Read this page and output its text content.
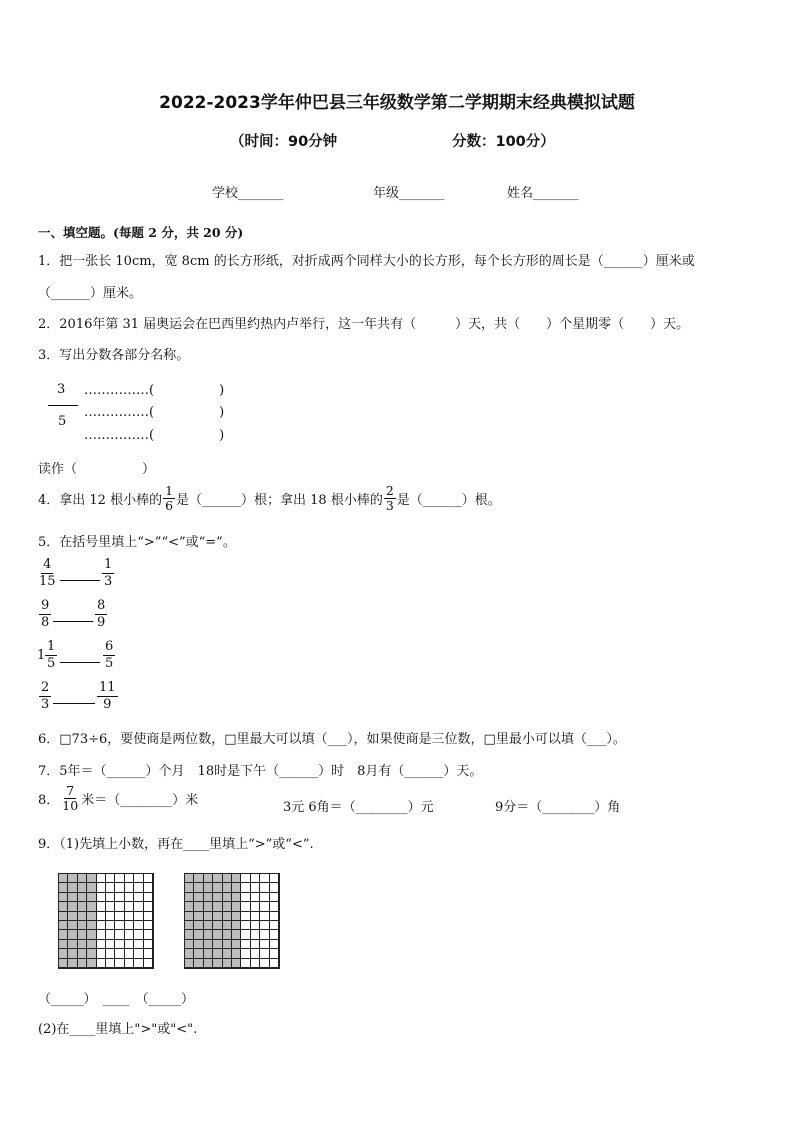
2022-2023学年仲巴县三年级数学第二学期期末经典模拟试题
（时间：90分钟	分数：100分）
学校_______	年级_______	姓名_______
一、填空题。(每题 2 分，共 20 分)
1．把一张长 10cm，宽 8cm 的长方形纸，对折成两个同样大小的长方形，每个长方形的周长是（______）厘米或
（______）厘米。
2．2016年第 31 届奥运会在巴西里约热内卢举行，这一年共有（　　　）天，共（　　）个星期零（　　）天。
3．写出分数各部分名称。
3
5
……………(　　　　　)
……………(　　　　　)
……………(　　　　　)
读作（　　　　　）
4．拿出 12 根小棒的 $\frac{1}{6}$ 是（______）根；拿出 18 根小棒的 $\frac{2}{3}$ 是（______）根。
5．在括号里填上“>”“<”或“=”。
$\frac{4}{15}$	$\frac{1}{3}$
$\frac{9}{8}$	$\frac{8}{9}$
$1 \frac{1}{5}$	$\frac{6}{5}$
$\frac{2}{3}$	$\frac{11}{9}$
6．□73÷6，要使商是两位数，□里最大可以填（___），如果使商是三位数，□里最小可以填（___）。
7．5年＝（______）个月　18时是下午（______）时　8月有（______）天。
8． $\frac{7}{10}$ 米＝（________）米	3元 6角＝（________）元	9分＝（________）角
9．（1)先填上小数，再在____里填上“>”或“<”.
（_____）　____　（_____）
(2)在____里填上">"或"<".
